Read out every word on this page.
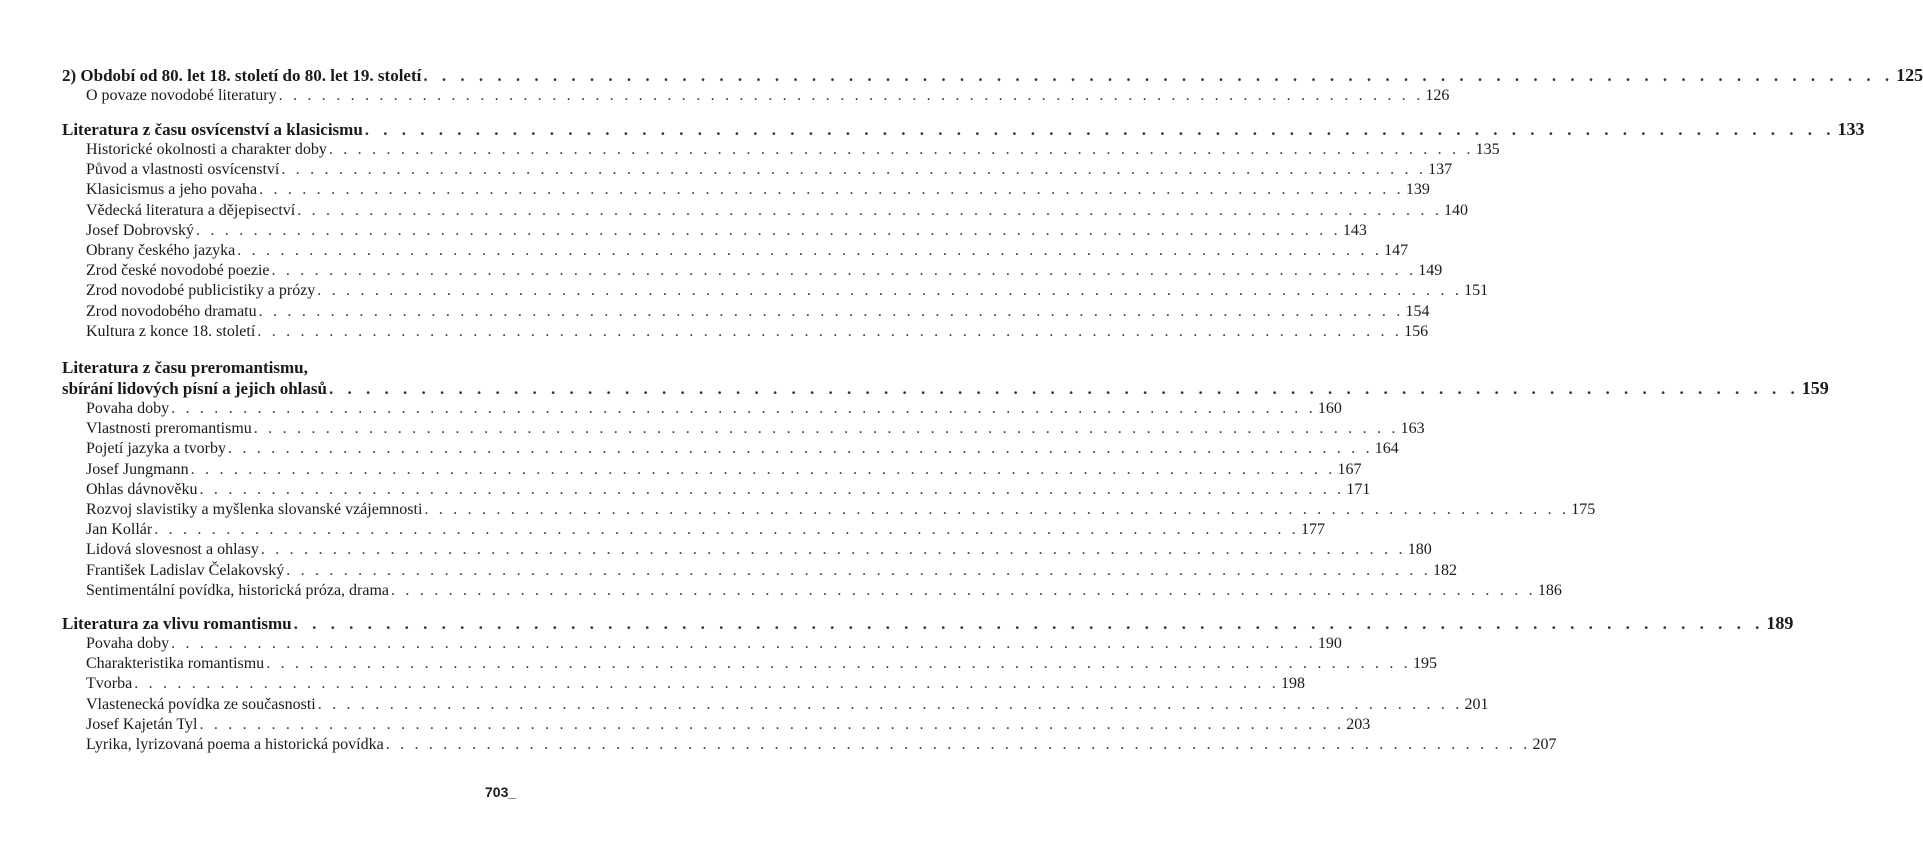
2) Období od 80. let 18. století do 80. let 19. století . . . . . . . . . . . . . . . . . . . . . . . . . . . . . . . . . . . . . . . . . . . . . . . . . . . . . . . . . . . . . . . . . . . . . . . . . . . . . . . . 125
O povaze novodobé literatury . . . . . . . . . . . . . . . . . . . . . . . . . . . . . . . . . . . . . . . . . . . . . . . . . . . . . . . . . . . . . . . . . . . . . . . . . . . . . . . . 126
Literatura z času osvícenství a klasicismu . . . . . . . . . . . . . . . . . . . . . . . . . . . . . . . . . . . . . . . . . . . . . . . . . . . . . . . . . . . . . . . . . . . . . . . . . . . . . . . . 133
Historické okolnosti a charakter doby . . . . . . . . . . . . . . . . . . . . . . . . . . . . . . . . . . . . . . . . . . . . . . . . . . . . . . . . . . . . . . . . . . . . . . . . . . . . . . . . 135
Původ a vlastnosti osvícenství . . . . . . . . . . . . . . . . . . . . . . . . . . . . . . . . . . . . . . . . . . . . . . . . . . . . . . . . . . . . . . . . . . . . . . . . . . . . . . . . 137
Klasicismus a jeho povaha . . . . . . . . . . . . . . . . . . . . . . . . . . . . . . . . . . . . . . . . . . . . . . . . . . . . . . . . . . . . . . . . . . . . . . . . . . . . . . . . 139
Vědecká literatura a dějepisectví . . . . . . . . . . . . . . . . . . . . . . . . . . . . . . . . . . . . . . . . . . . . . . . . . . . . . . . . . . . . . . . . . . . . . . . . . . . . . . . . 140
Josef Dobrovský . . . . . . . . . . . . . . . . . . . . . . . . . . . . . . . . . . . . . . . . . . . . . . . . . . . . . . . . . . . . . . . . . . . . . . . . . . . . . . . . 143
Obrany českého jazyka . . . . . . . . . . . . . . . . . . . . . . . . . . . . . . . . . . . . . . . . . . . . . . . . . . . . . . . . . . . . . . . . . . . . . . . . . . . . . . . . 147
Zrod české novodobé poezie . . . . . . . . . . . . . . . . . . . . . . . . . . . . . . . . . . . . . . . . . . . . . . . . . . . . . . . . . . . . . . . . . . . . . . . . . . . . . . . . 149
Zrod novodobé publicistiky a prózy . . . . . . . . . . . . . . . . . . . . . . . . . . . . . . . . . . . . . . . . . . . . . . . . . . . . . . . . . . . . . . . . . . . . . . . . . . . . . . . . 151
Zrod novodobého dramatu . . . . . . . . . . . . . . . . . . . . . . . . . . . . . . . . . . . . . . . . . . . . . . . . . . . . . . . . . . . . . . . . . . . . . . . . . . . . . . . . 154
Kultura z konce 18. století . . . . . . . . . . . . . . . . . . . . . . . . . . . . . . . . . . . . . . . . . . . . . . . . . . . . . . . . . . . . . . . . . . . . . . . . . . . . . . . . 156
Literatura z času preromantismu,
sbírání lidových písní a jejich ohlasů . . . . . . . . . . . . . . . . . . . . . . . . . . . . . . . . . . . . . . . . . . . . . . . . . . . . . . . . . . . . . . . . . . . . . . . . . . . . . . . . 159
Povaha doby . . . . . . . . . . . . . . . . . . . . . . . . . . . . . . . . . . . . . . . . . . . . . . . . . . . . . . . . . . . . . . . . . . . . . . . . . . . . . . . . 160
Vlastnosti preromantismu . . . . . . . . . . . . . . . . . . . . . . . . . . . . . . . . . . . . . . . . . . . . . . . . . . . . . . . . . . . . . . . . . . . . . . . . . . . . . . . . 163
Pojetí jazyka a tvorby . . . . . . . . . . . . . . . . . . . . . . . . . . . . . . . . . . . . . . . . . . . . . . . . . . . . . . . . . . . . . . . . . . . . . . . . . . . . . . . . 164
Josef Jungmann . . . . . . . . . . . . . . . . . . . . . . . . . . . . . . . . . . . . . . . . . . . . . . . . . . . . . . . . . . . . . . . . . . . . . . . . . . . . . . . . 167
Ohlas dávnověku . . . . . . . . . . . . . . . . . . . . . . . . . . . . . . . . . . . . . . . . . . . . . . . . . . . . . . . . . . . . . . . . . . . . . . . . . . . . . . . . 171
Rozvoj slavistiky a myšlenka slovanské vzájemnosti . . . . . . . . . . . . . . . . . . . . . . . . . . . . . . . . . . . . . . . . . . . . . . . . . . . . . . . . . . . . . . . . . . . . . . . . . . . . . . . . 175
Jan Kollár . . . . . . . . . . . . . . . . . . . . . . . . . . . . . . . . . . . . . . . . . . . . . . . . . . . . . . . . . . . . . . . . . . . . . . . . . . . . . . . . 177
Lidová slovesnost a ohlasy . . . . . . . . . . . . . . . . . . . . . . . . . . . . . . . . . . . . . . . . . . . . . . . . . . . . . . . . . . . . . . . . . . . . . . . . . . . . . . . . 180
František Ladislav Čelakovský . . . . . . . . . . . . . . . . . . . . . . . . . . . . . . . . . . . . . . . . . . . . . . . . . . . . . . . . . . . . . . . . . . . . . . . . . . . . . . . . 182
Sentimentální povídka, historická próza, drama . . . . . . . . . . . . . . . . . . . . . . . . . . . . . . . . . . . . . . . . . . . . . . . . . . . . . . . . . . . . . . . . . . . . . . . . . . . . . . . . 186
Literatura za vlivu romantismu . . . . . . . . . . . . . . . . . . . . . . . . . . . . . . . . . . . . . . . . . . . . . . . . . . . . . . . . . . . . . . . . . . . . . . . . . . . . . . . . 189
Povaha doby . . . . . . . . . . . . . . . . . . . . . . . . . . . . . . . . . . . . . . . . . . . . . . . . . . . . . . . . . . . . . . . . . . . . . . . . . . . . . . . . 190
Charakteristika romantismu . . . . . . . . . . . . . . . . . . . . . . . . . . . . . . . . . . . . . . . . . . . . . . . . . . . . . . . . . . . . . . . . . . . . . . . . . . . . . . . . 195
Tvorba . . . . . . . . . . . . . . . . . . . . . . . . . . . . . . . . . . . . . . . . . . . . . . . . . . . . . . . . . . . . . . . . . . . . . . . . . . . . . . . . 198
Vlastenecká povídka ze současnosti . . . . . . . . . . . . . . . . . . . . . . . . . . . . . . . . . . . . . . . . . . . . . . . . . . . . . . . . . . . . . . . . . . . . . . . . . . . . . . . . 201
Josef Kajetán Tyl . . . . . . . . . . . . . . . . . . . . . . . . . . . . . . . . . . . . . . . . . . . . . . . . . . . . . . . . . . . . . . . . . . . . . . . . . . . . . . . . 203
Lyrika, lyrizovaná poema a historická povídka . . . . . . . . . . . . . . . . . . . . . . . . . . . . . . . . . . . . . . . . . . . . . . . . . . . . . . . . . . . . . . . . . . . . . . . . . . . . . . . . 207
703_
